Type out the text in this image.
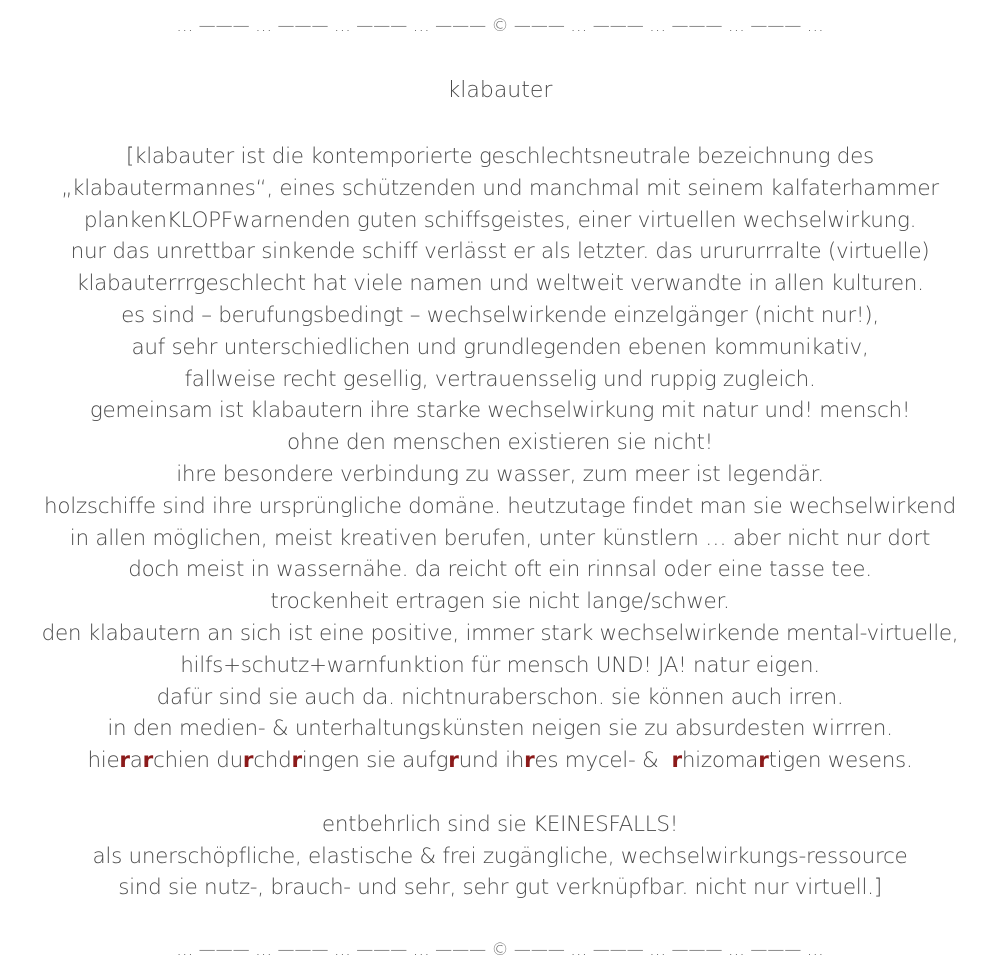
… ——— … ——— … ——— … ——— © ——— … ——— … ——— … ——— …
klabauter
[klabauter ist die kontemporierte geschlechtsneutrale bezeichnung des
„klabautermannes“, eines schützenden und manchmal mit seinem kalfaterhammer
plankenKLOPFwarnenden guten schiffsgeistes, einer virtuellen wechselwirkung.
nur das unrettbar sinkende schiff verlässt er als letzter. das urururrralte (virtuelle)
klabauterrrgeschlecht hat viele namen und weltweit verwandte in allen kulturen.
es sind – berufungsbedingt – wechselwirkende einzelgänger (nicht nur!),
auf sehr unterschiedlichen und grundlegenden ebenen kommunikativ,
fallweise recht gesellig, vertrauensselig und ruppig zugleich.
gemeinsam ist klabautern ihre starke wechselwirkung mit natur und! mensch!
ohne den menschen existieren sie nicht!
ihre besondere verbindung zu wasser, zum meer ist legendär.
holzschiffe sind ihre ursprüngliche domäne. heutzutage findet man sie wechselwirkend
in allen möglichen, meist kreativen berufen, unter künstlern … aber nicht nur dort
doch meist in wassernähe. da reicht oft ein rinnsal oder eine tasse tee.
trockenheit ertragen sie nicht lange/schwer.
den klabautern an sich ist eine positive, immer stark wechselwirkende mental-virtuelle,
hilfs+schutz+warnfunktion für mensch UND! JA! natur eigen.
dafür sind sie auch da. nichtnuraberschon. sie können auch irren.
in den medien- & unterhaltungskünsten neigen sie zu absurdesten wirrren.
hierarchien durchdringen sie aufgrund ihres mycel- &  rhizomartigen wesens.
entbehrlich sind sie KEINESFALLS!
als unerschöpfliche, elastische & frei zugängliche, wechselwirkungs-ressource
sind sie nutz-, brauch- und sehr, sehr gut verknüpfbar. nicht nur virtuell.]
… ——— … ——— … ——— … ——— © ——— … ——— … ——— … ——— …
